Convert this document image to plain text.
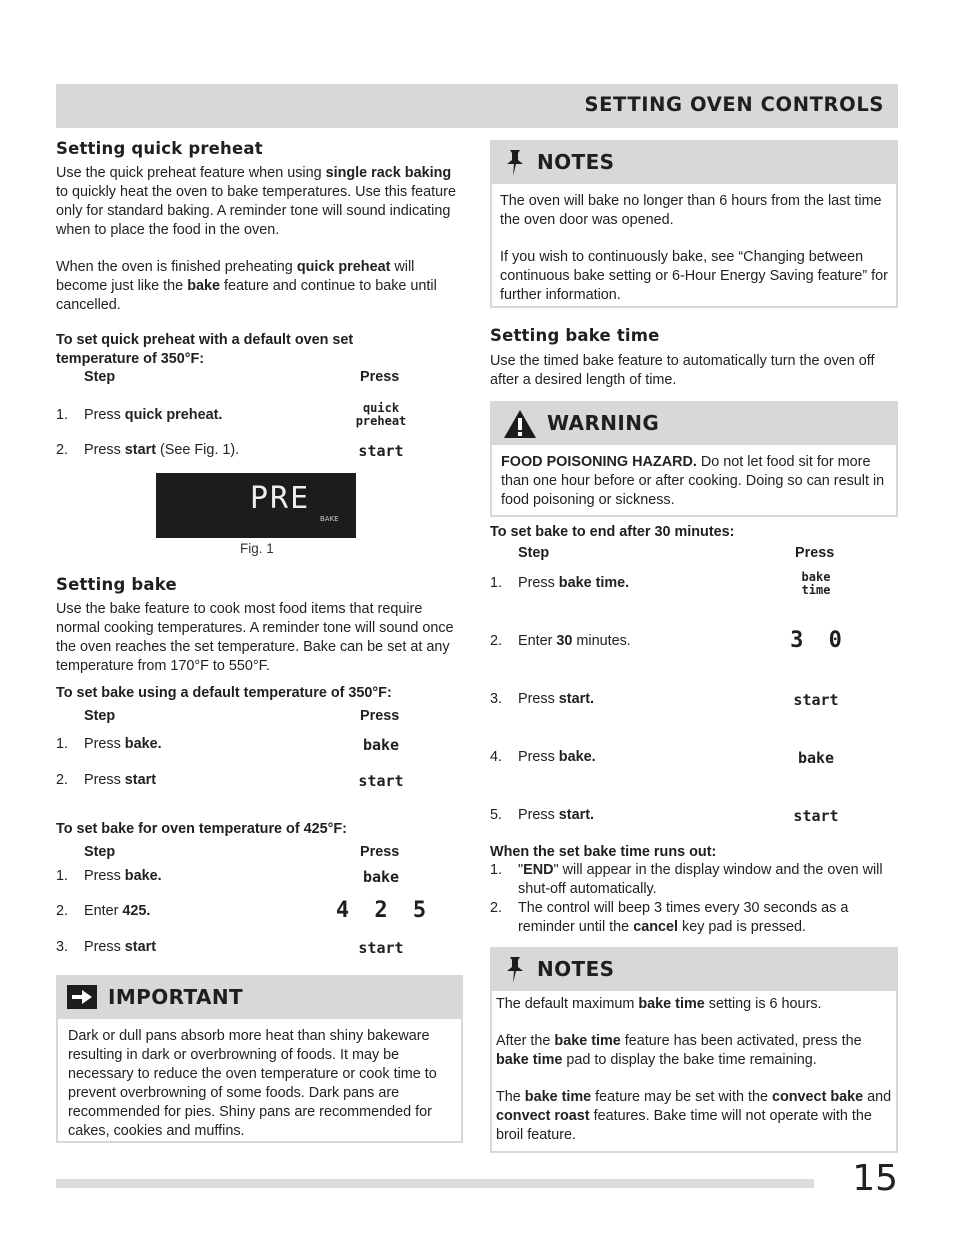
SETTING OVEN CONTROLS
Setting quick preheat

Use the quick preheat feature when using single rack baking to quickly heat the oven to bake temperatures. Use this feature only for standard baking. A reminder tone will sound indicating when to place the food in the oven.

When the oven is finished preheating quick preheat will become just like the bake feature and continue to bake until cancelled.

To set quick preheat with a default oven set temperature of 350°F:
Step	Press
1. Press quick preheat.	quick
preheat
2. Press start (See Fig. 1).	start
PRE
BAKE
Fig. 1
Setting bake

Use the bake feature to cook most food items that require normal cooking temperatures. A reminder tone will sound once the oven reaches the set temperature. Bake can be set at any temperature from 170°F to 550°F.

To set bake using a default temperature of 350°F:
Step	Press
1. Press bake.	bake
2. Press start	start
To set bake for oven temperature of 425°F:
Step	Press
1. Press bake.	bake
2. Enter 425.	4 2 5
3. Press start	start
IMPORTANT
Dark or dull pans absorb more heat than shiny bakeware resulting in dark or overbrowning of foods. It may be necessary to reduce the oven temperature or cook time to prevent overbrowning of some foods. Dark pans are recommended for pies. Shiny pans are recommended for cakes, cookies and muffins.
NOTES

The oven will bake no longer than 6 hours from the last time the oven door was opened.

If you wish to continuously bake, see “Changing between continuous bake setting or 6-Hour Energy Saving feature” for further information.

Setting bake time

Use the timed bake feature to automatically turn the oven off after a desired length of time.

WARNING
FOOD POISONING HAZARD. Do not let food sit for more than one hour before or after cooking. Doing so can result in food poisoning or sickness.
To set bake to end after 30 minutes:
Step	Press
1. Press bake time.	bake
time
2. Enter 30 minutes.	3 0
3. Press start.	start
4. Press bake.	bake
5. Press start.	start
When the set bake time runs out:
1. "END" will appear in the display window and the oven will shut-off automatically.
2. The control will beep 3 times every 30 seconds as a reminder until the cancel key pad is pressed.
NOTES

The default maximum bake time setting is 6 hours.

After the bake time feature has been activated, press the bake time pad to display the bake time remaining.

The bake time feature may be set with the convect bake and convect roast features. Bake time will not operate with the broil feature.

15
